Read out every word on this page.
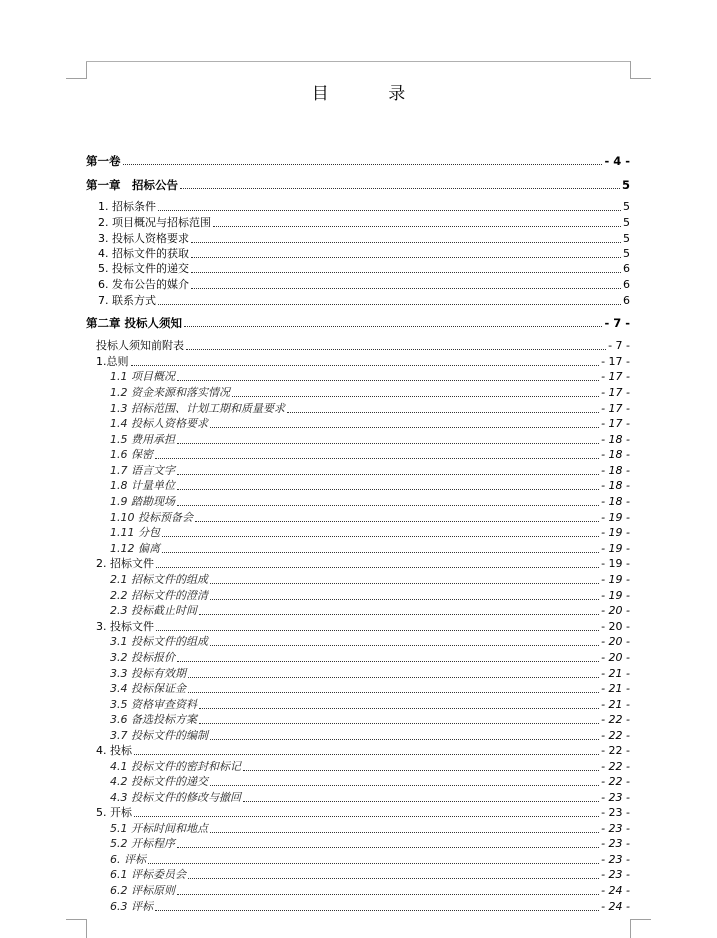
目 录
第一卷	- 4 -
第一章　招标公告	5
1. 招标条件	5
2. 项目概况与招标范围	5
3. 投标人资格要求	5
4. 招标文件的获取	5
5. 投标文件的递交	6
6. 发布公告的媒介	6
7. 联系方式	6
第二章 投标人须知	- 7 -
投标人须知前附表	- 7 -
1.总则	- 17 -
1.1 项目概况	- 17 -
1.2 资金来源和落实情况	- 17 -
1.3 招标范围、计划工期和质量要求	- 17 -
1.4 投标人资格要求	- 17 -
1.5 费用承担	- 18 -
1.6 保密	- 18 -
1.7 语言文字	- 18 -
1.8 计量单位	- 18 -
1.9 踏勘现场	- 18 -
1.10 投标预备会	- 19 -
1.11 分包	- 19 -
1.12 偏离	- 19 -
2. 招标文件	- 19 -
2.1 招标文件的组成	- 19 -
2.2 招标文件的澄清	- 19 -
2.3 投标截止时间	- 20 -
3. 投标文件	- 20 -
3.1 投标文件的组成	- 20 -
3.2 投标报价	- 20 -
3.3 投标有效期	- 21 -
3.4 投标保证金	- 21 -
3.5 资格审查资料	- 21 -
3.6 备选投标方案	- 22 -
3.7 投标文件的编制	- 22 -
4. 投标	- 22 -
4.1 投标文件的密封和标记	- 22 -
4.2 投标文件的递交	- 22 -
4.3 投标文件的修改与撤回	- 23 -
5. 开标	- 23 -
5.1 开标时间和地点	- 23 -
5.2 开标程序	- 23 -
6. 评标	- 23 -
6.1 评标委员会	- 23 -
6.2 评标原则	- 24 -
6.3 评标	- 24 -
